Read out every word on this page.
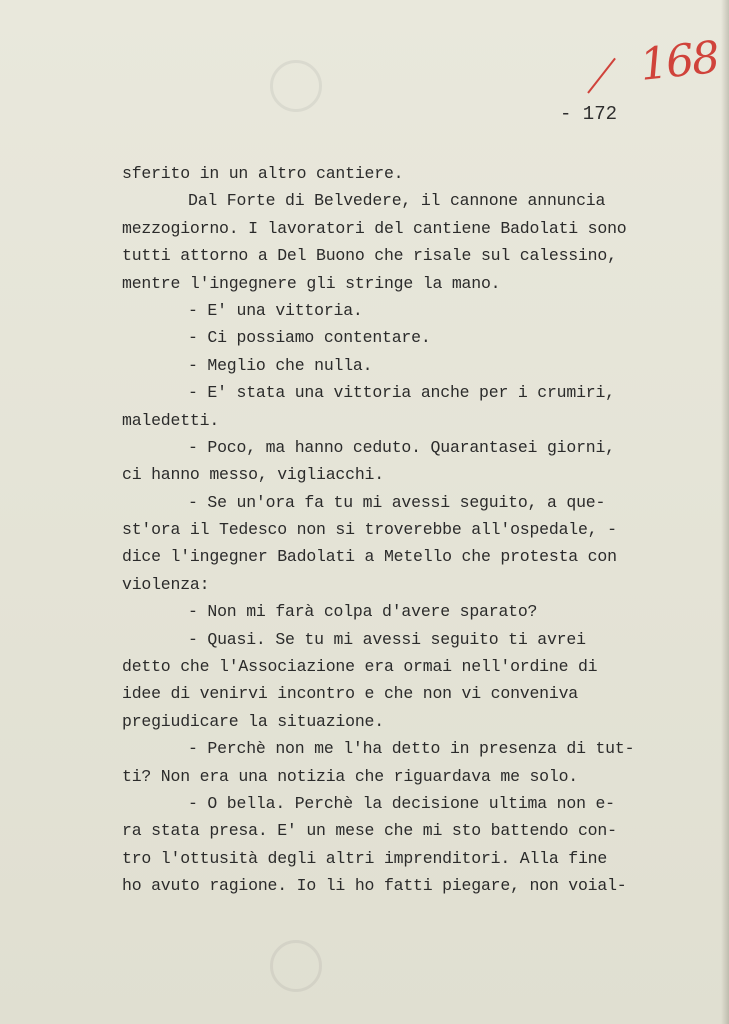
168
- 172
sferito in un altro cantiere.
Dal Forte di Belvedere, il cannone annuncia
mezzogiorno. I lavoratori del cantiene Badolati sono
tutti attorno a Del Buono che risale sul calessino,
mentre l'ingegnere gli stringe la mano.
- E' una vittoria.
- Ci possiamo contentare.
- Meglio che nulla.
- E' stata una vittoria anche per i crumiri,
maledetti.
- Poco, ma hanno ceduto. Quarantasei giorni,
ci hanno messo, vigliacchi.
- Se un'ora fa tu mi avessi seguito, a que-
st'ora il Tedesco non si troverebbe all'ospedale, -
dice l'ingegner Badolati a Metello che protesta con
violenza:
- Non mi farà colpa d'avere sparato?
- Quasi. Se tu mi avessi seguito ti avrei
detto che l'Associazione era ormai nell'ordine di
idee di venirvi incontro e che non vi conveniva
pregiudicare la situazione.
- Perchè non me l'ha detto in presenza di tut-
ti? Non era una notizia che riguardava me solo.
- O bella. Perchè la decisione ultima non e-
ra stata presa. E' un mese che mi sto battendo con-
tro l'ottusità degli altri imprenditori. Alla fine
ho avuto ragione. Io li ho fatti piegare, non voial-
